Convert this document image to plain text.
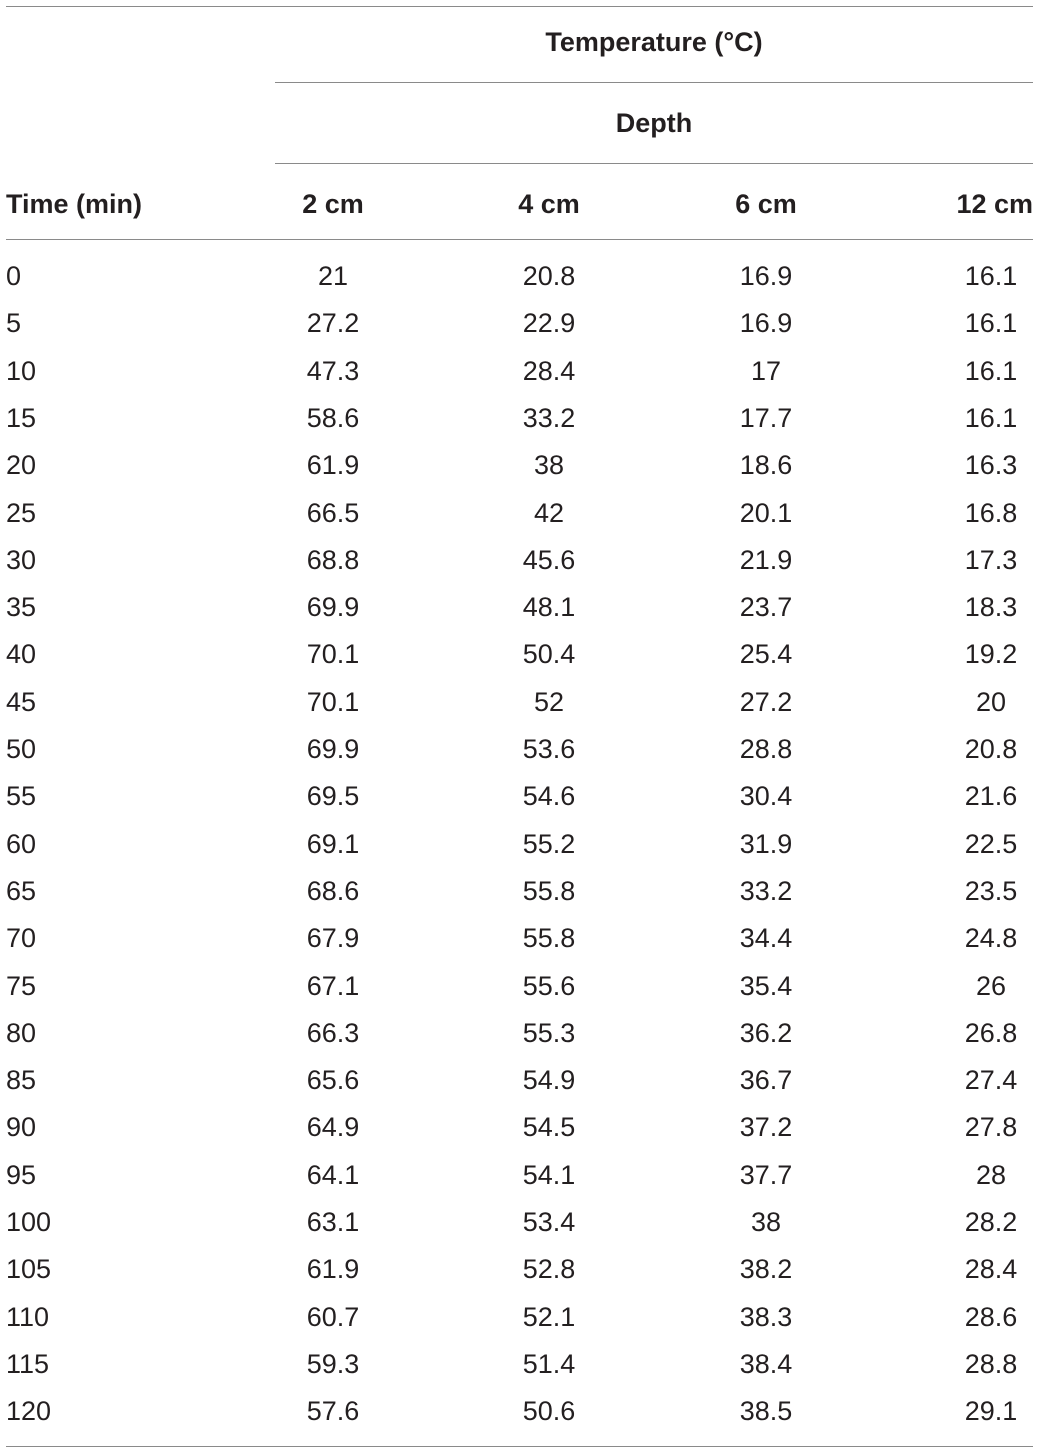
Temperature (°C)
Depth
Time (min)	2 cm	4 cm	6 cm	12 cm
0	21	20.8	16.9	16.1
5	27.2	22.9	16.9	16.1
10	47.3	28.4	17	16.1
15	58.6	33.2	17.7	16.1
20	61.9	38	18.6	16.3
25	66.5	42	20.1	16.8
30	68.8	45.6	21.9	17.3
35	69.9	48.1	23.7	18.3
40	70.1	50.4	25.4	19.2
45	70.1	52	27.2	20
50	69.9	53.6	28.8	20.8
55	69.5	54.6	30.4	21.6
60	69.1	55.2	31.9	22.5
65	68.6	55.8	33.2	23.5
70	67.9	55.8	34.4	24.8
75	67.1	55.6	35.4	26
80	66.3	55.3	36.2	26.8
85	65.6	54.9	36.7	27.4
90	64.9	54.5	37.2	27.8
95	64.1	54.1	37.7	28
100	63.1	53.4	38	28.2
105	61.9	52.8	38.2	28.4
110	60.7	52.1	38.3	28.6
115	59.3	51.4	38.4	28.8
120	57.6	50.6	38.5	29.1
